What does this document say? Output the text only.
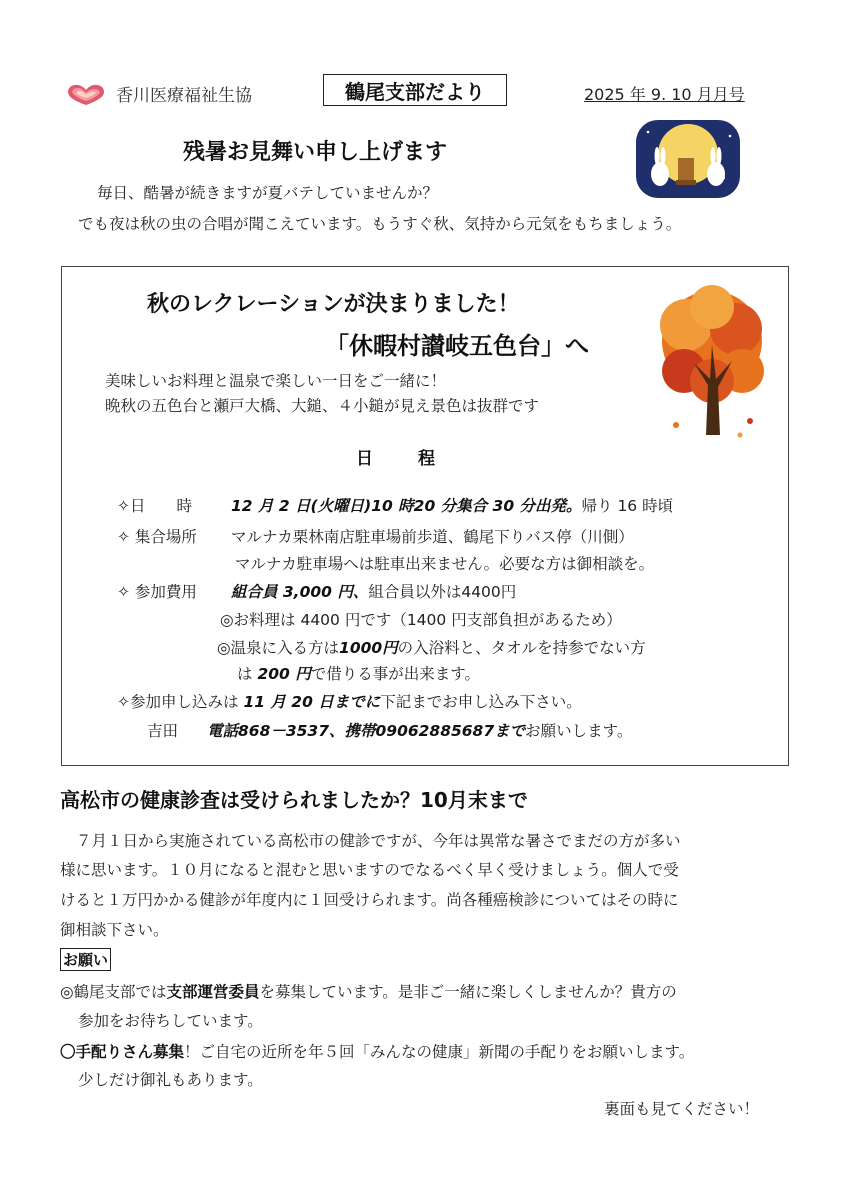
香川医療福祉生協	鶴尾支部だより	2025 年 9. 10 月月号
残暑お見舞い申し上げます
毎日、酷暑が続きますが夏バテしていませんか？
でも夜は秋の虫の合唱が聞こえています。もうすぐ秋、気持から元気をもちましょう。
秋のレクレーションが決まりました！
「休暇村讃岐五色台」へ
美味しいお料理と温泉で楽しい一日をご一緒に！
晩秋の五色台と瀬戸大橋、大鎚、４小鎚が見え景色は抜群です
日　程
✧日　　時	12 月 2 日(火曜日)10 時20 分集合 30 分出発。帰り 16 時頃
✧ 集合場所 マルナカ栗林南店駐車場前歩道、鶴尾下りバス停（川側）
マルナカ駐車場へは駐車出来ません。必要な方は御相談を。
✧ 参加費用 組合員 3,000 円、組合員以外は4400円
◎お料理は 4400 円です（1400 円支部負担があるため）
◎温泉に入る方は1000円の入浴料と、タオルを持参でない方
は 200 円で借りる事が出来ます。
✧参加申し込みは 11 月 20 日までに下記までお申し込み下さい。
吉田 電話868－3537、携帯09062885687までお願いします。
高松市の健康診査は受けられましたか？10月末まで
７月１日から実施されている高松市の健診ですが、今年は異常な暑さでまだの方が多い
様に思います。１０月になると混むと思いますのでなるべく早く受けましょう。個人で受
けると１万円かかる健診が年度内に１回受けられます。尚各種癌検診についてはその時に
御相談下さい。
お願い
◎鶴尾支部では支部運営委員を募集しています。是非ご一緒に楽しくしませんか？貴方の
参加をお待ちしています。
〇手配りさん募集！ご自宅の近所を年５回「みんなの健康」新聞の手配りをお願いします。
少しだけ御礼もあります。
裏面も見てください！
